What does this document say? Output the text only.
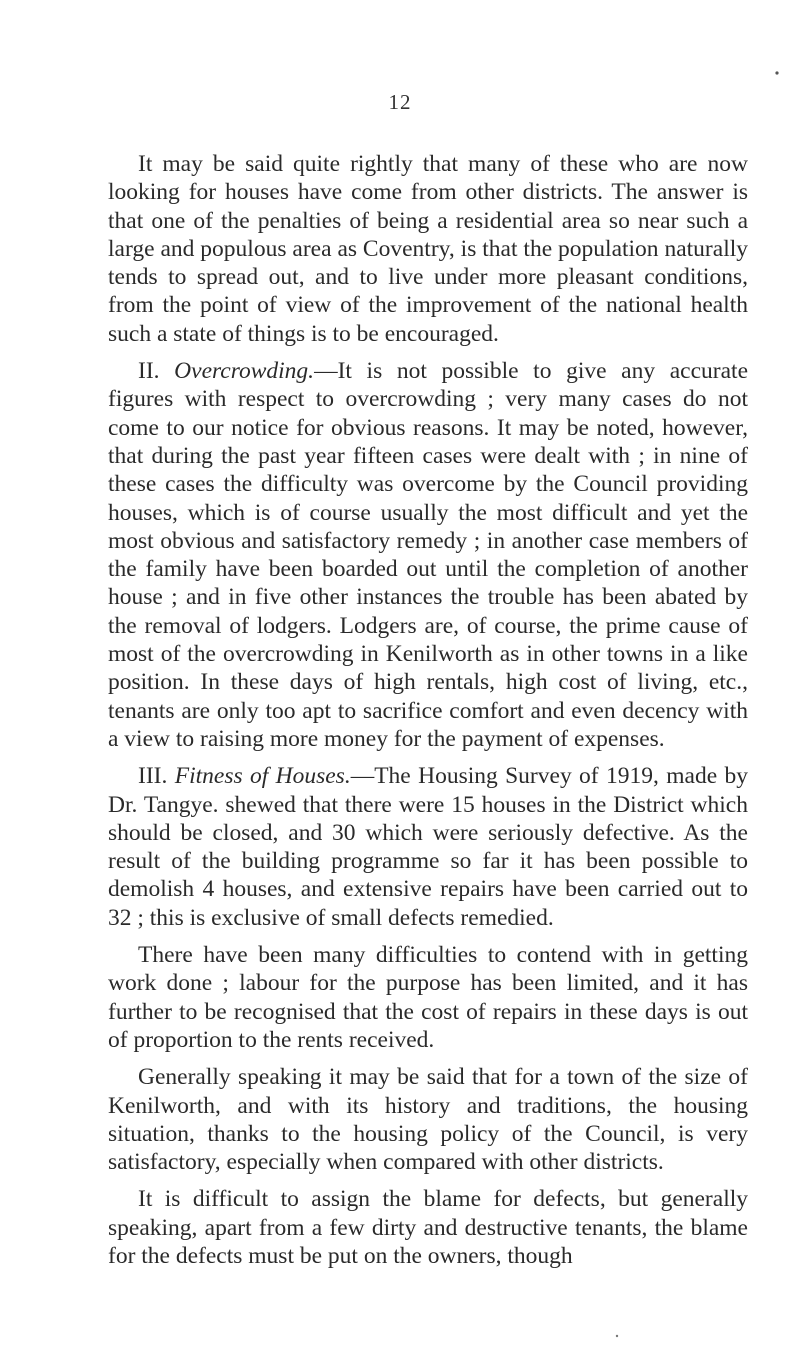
12

It may be said quite rightly that many of these who are now looking for houses have come from other districts. The answer is that one of the penalties of being a residential area so near such a large and populous area as Coventry, is that the population naturally tends to spread out, and to live under more pleasant conditions, from the point of view of the improvement of the national health such a state of things is to be encouraged.

II. Overcrowding.—It is not possible to give any accurate figures with respect to overcrowding ; very many cases do not come to our notice for obvious reasons. It may be noted, however, that during the past year fifteen cases were dealt with ; in nine of these cases the difficulty was overcome by the Council providing houses, which is of course usually the most difficult and yet the most obvious and satisfactory remedy ; in another case members of the family have been boarded out until the completion of another house ; and in five other instances the trouble has been abated by the removal of lodgers. Lodgers are, of course, the prime cause of most of the overcrowding in Kenilworth as in other towns in a like position. In these days of high rentals, high cost of living, etc., tenants are only too apt to sacrifice comfort and even decency with a view to raising more money for the payment of expenses.

III. Fitness of Houses.—The Housing Survey of 1919, made by Dr. Tangye. shewed that there were 15 houses in the District which should be closed, and 30 which were seriously defective. As the result of the building programme so far it has been possible to demolish 4 houses, and extensive repairs have been carried out to 32 ; this is exclusive of small defects remedied.

There have been many difficulties to contend with in getting work done ; labour for the purpose has been limited, and it has further to be recognised that the cost of repairs in these days is out of proportion to the rents received.

Generally speaking it may be said that for a town of the size of Kenilworth, and with its history and traditions, the housing situation, thanks to the housing policy of the Council, is very satisfactory, especially when compared with other districts.

It is difficult to assign the blame for defects, but generally speaking, apart from a few dirty and destructive tenants, the blame for the defects must be put on the owners, though
